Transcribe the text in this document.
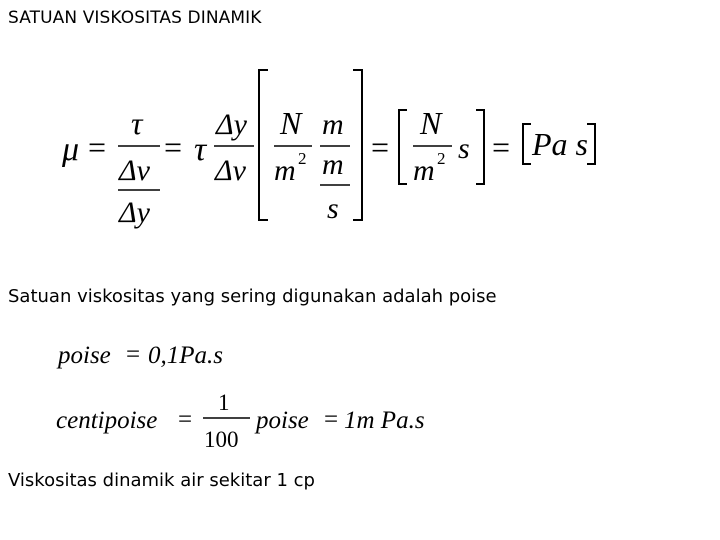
SATUAN VISKOSITAS DINAMIK
μ =
τ
Δv
Δy
= τ
Δy
Δv
N
m 2
m
m
s
=
N
m 2 s = Pa s
poise = 0,1Pa.s
centipoise =
1
100
poise = 1m Pa.s
Satuan viskositas yang sering digunakan adalah poise
Viskositas dinamik air sekitar 1 cp
